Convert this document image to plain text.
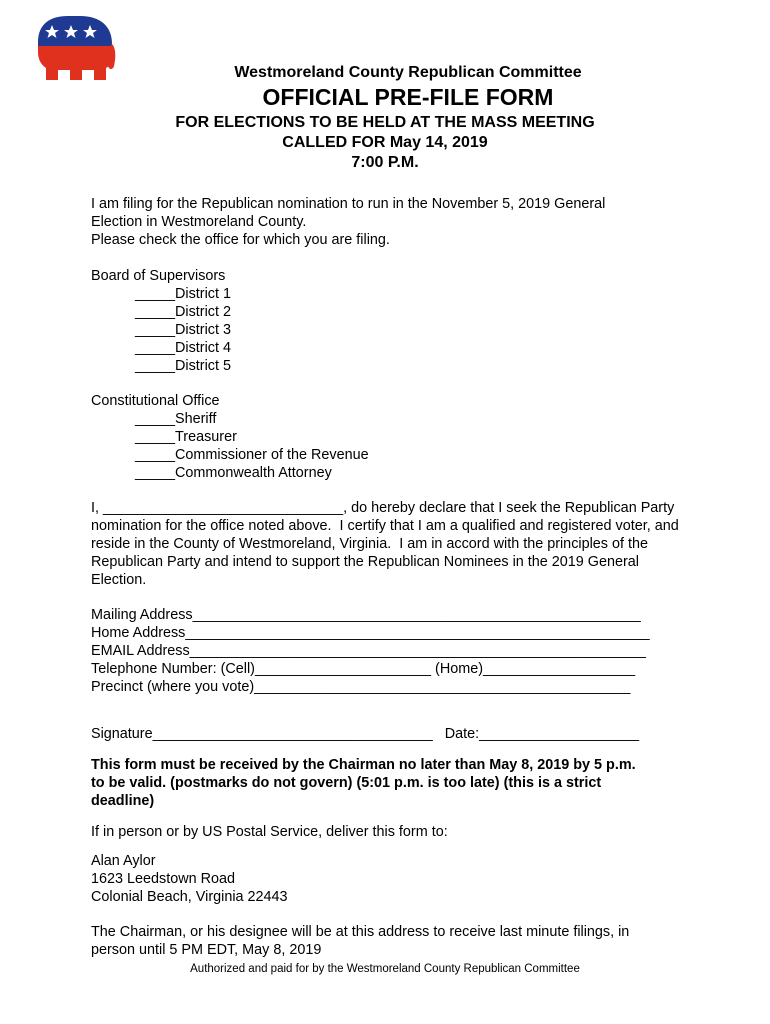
Westmoreland County Republican Committee
OFFICIAL PRE-FILE FORM
FOR ELECTIONS TO BE HELD AT THE MASS MEETING
CALLED FOR May 14, 2019
7:00 P.M.
I am filing for the Republican nomination to run in the November 5, 2019 General
Election in Westmoreland County.
Please check the office for which you are filing.
Board of Supervisors
_____District 1
_____District 2
_____District 3
_____District 4
_____District 5
Constitutional Office
_____Sheriff
_____Treasurer
_____Commissioner of the Revenue
_____Commonwealth Attorney
I, ______________________________, do hereby declare that I seek the Republican Party
nomination for the office noted above.  I certify that I am a qualified and registered voter, and
reside in the County of Westmoreland, Virginia.  I am in accord with the principles of the
Republican Party and intend to support the Republican Nominees in the 2019 General
Election.
Mailing Address________________________________________________________
Home Address__________________________________________________________
EMAIL Address_________________________________________________________
Telephone Number: (Cell)______________________ (Home)___________________
Precinct (where you vote)_______________________________________________
Signature___________________________________   Date:____________________
This form must be received by the Chairman no later than May 8, 2019 by 5 p.m.
to be valid. (postmarks do not govern) (5:01 p.m. is too late) (this is a strict
deadline)
If in person or by US Postal Service, deliver this form to:
Alan Aylor
1623 Leedstown Road
Colonial Beach, Virginia 22443
The Chairman, or his designee will be at this address to receive last minute filings, in
person until 5 PM EDT, May 8, 2019
Authorized and paid for by the Westmoreland County Republican Committee
